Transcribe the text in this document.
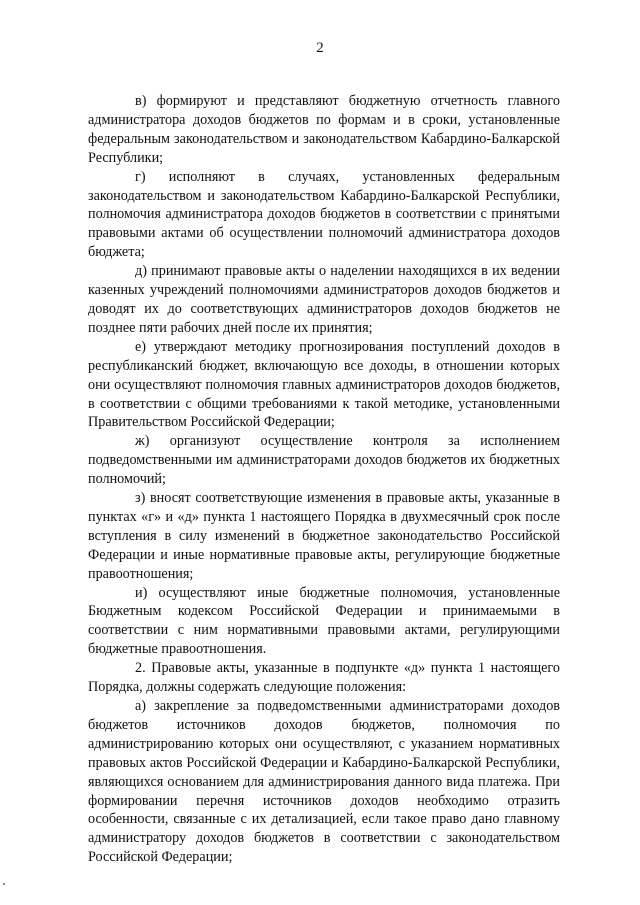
2

в) формируют и представляют бюджетную отчетность главного администратора доходов бюджетов по формам и в сроки, установленные федеральным законодательством и законодательством Кабардино-Балкарской Республики;

г) исполняют в случаях, установленных федеральным законодательством и законодательством Кабардино-Балкарской Республики, полномочия администратора доходов бюджетов в соответствии с принятыми правовыми актами об осуществлении полномочий администратора доходов бюджета;

д) принимают правовые акты о наделении находящихся в их ведении казенных учреждений полномочиями администраторов доходов бюджетов и доводят их до соответствующих администраторов доходов бюджетов не позднее пяти рабочих дней после их принятия;

е) утверждают методику прогнозирования поступлений доходов в республиканский бюджет, включающую все доходы, в отношении которых они осуществляют полномочия главных администраторов доходов бюджетов, в соответствии с общими требованиями к такой методике, установленными Правительством Российской Федерации;

ж) организуют осуществление контроля за исполнением подведомственными им администраторами доходов бюджетов их бюджетных полномочий;

з) вносят соответствующие изменения в правовые акты, указанные в пунктах «г» и «д» пункта 1 настоящего Порядка в двухмесячный срок после вступления в силу изменений в бюджетное законодательство Российской Федерации и иные нормативные правовые акты, регулирующие бюджетные правоотношения;

и) осуществляют иные бюджетные полномочия, установленные Бюджетным кодексом Российской Федерации и принимаемыми в соответствии с ним нормативными правовыми актами, регулирующими бюджетные правоотношения.

2. Правовые акты, указанные в подпункте «д» пункта 1 настоящего Порядка, должны содержать следующие положения:

а) закрепление за подведомственными администраторами доходов бюджетов источников доходов бюджетов, полномочия по администрированию которых они осуществляют, с указанием нормативных правовых актов Российской Федерации и Кабардино-Балкарской Республики, являющихся основанием для администрирования данного вида платежа. При формировании перечня источников доходов необходимо отразить особенности, связанные с их детализацией, если такое право дано главному администратору доходов бюджетов в соответствии с законодательством Российской Федерации;
